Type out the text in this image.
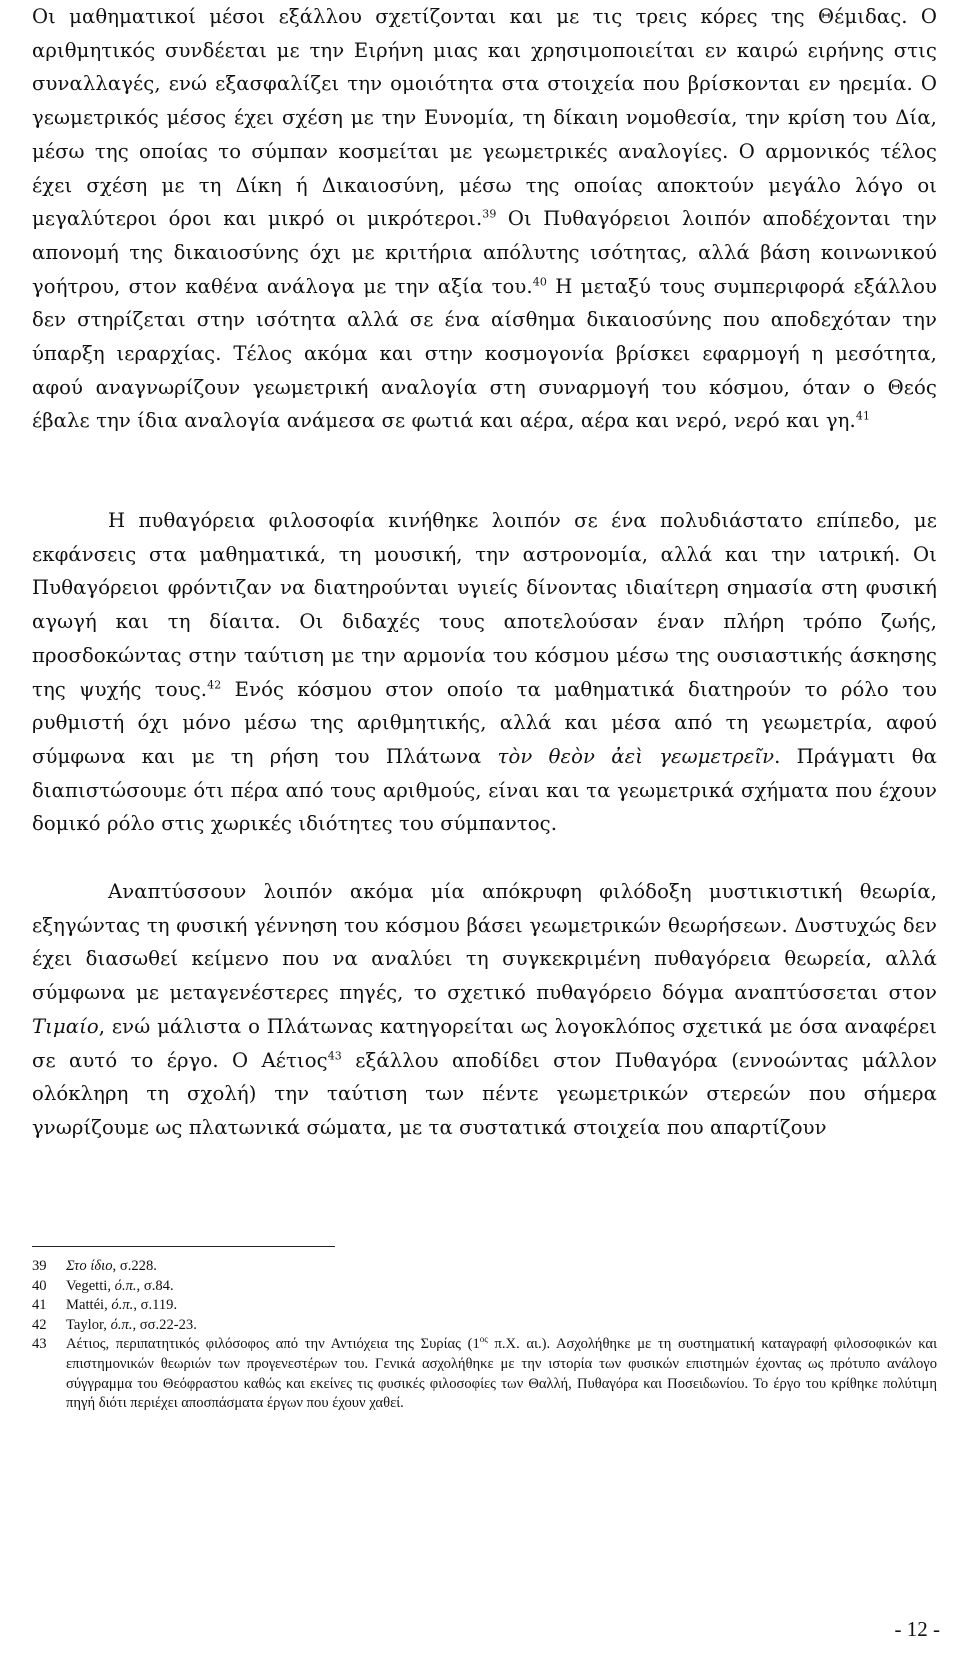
Οι μαθηματικοί μέσοι εξάλλου σχετίζονται και με τις τρεις κόρες της Θέμιδας. Ο αριθμητικός συνδέεται με την Ειρήνη μιας και χρησιμοποιείται εν καιρώ ειρήνης στις συναλλαγές, ενώ εξασφαλίζει την ομοιότητα στα στοιχεία που βρίσκονται εν ηρεμία. Ο γεωμετρικός μέσος έχει σχέση με την Ευνομία, τη δίκαιη νομοθεσία, την κρίση του Δία, μέσω της οποίας το σύμπαν κοσμείται με γεωμετρικές αναλογίες. Ο αρμονικός τέλος έχει σχέση με τη Δίκη ή Δικαιοσύνη, μέσω της οποίας αποκτούν μεγάλο λόγο οι μεγαλύτεροι όροι και μικρό οι μικρότεροι.$^{39}$ Οι Πυθαγόρειοι λοιπόν αποδέχονται την απονομή της δικαιοσύνης όχι με κριτήρια απόλυτης ισότητας, αλλά βάση κοινωνικού γοήτρου, στον καθένα ανάλογα με την αξία του.$^{40}$ Η μεταξύ τους συμπεριφορά εξάλλου δεν στηρίζεται στην ισότητα αλλά σε ένα αίσθημα δικαιοσύνης που αποδεχόταν την ύπαρξη ιεραρχίας. Τέλος ακόμα και στην κοσμογονία βρίσκει εφαρμογή η μεσότητα, αφού αναγνωρίζουν γεωμετρική αναλογία στη συναρμογή του κόσμου, όταν ο Θεός έβαλε την ίδια αναλογία ανάμεσα σε φωτιά και αέρα, αέρα και νερό, νερό και γη.$^{41}$

Η πυθαγόρεια φιλοσοφία κινήθηκε λοιπόν σε ένα πολυδιάστατο επίπεδο, με εκφάνσεις στα μαθηματικά, τη μουσική, την αστρονομία, αλλά και την ιατρική. Οι Πυθαγόρειοι φρόντιζαν να διατηρούνται υγιείς δίνοντας ιδιαίτερη σημασία στη φυσική αγωγή και τη δίαιτα. Οι διδαχές τους αποτελούσαν έναν πλήρη τρόπο ζωής, προσδοκώντας στην ταύτιση με την αρμονία του κόσμου μέσω της ουσιαστικής άσκησης της ψυχής τους.$^{42}$ Ενός κόσμου στον οποίο τα μαθηματικά διατηρούν το ρόλο του ρυθμιστή όχι μόνο μέσω της αριθμητικής, αλλά και μέσα από τη γεωμετρία, αφού σύμφωνα και με τη ρήση του Πλάτωνα τὸν θεὸν ἀεὶ γεωμετρεῖν. Πράγματι θα διαπιστώσουμε ότι πέρα από τους αριθμούς, είναι και τα γεωμετρικά σχήματα που έχουν δομικό ρόλο στις χωρικές ιδιότητες του σύμπαντος.

Αναπτύσσουν λοιπόν ακόμα μία απόκρυφη φιλόδοξη μυστικιστική θεωρία, εξηγώντας τη φυσική γέννηση του κόσμου βάσει γεωμετρικών θεωρήσεων. Δυστυχώς δεν έχει διασωθεί κείμενο που να αναλύει τη συγκεκριμένη πυθαγόρεια θεωρεία, αλλά σύμφωνα με μεταγενέστερες πηγές, το σχετικό πυθαγόρειο δόγμα αναπτύσσεται στον Τιμαίο, ενώ μάλιστα ο Πλάτωνας κατηγορείται ως λογοκλόπος σχετικά με όσα αναφέρει σε αυτό το έργο. Ο Αέτιος$^{43}$ εξάλλου αποδίδει στον Πυθαγόρα (εννοώντας μάλλον ολόκληρη τη σχολή) την ταύτιση των πέντε γεωμετρικών στερεών που σήμερα γνωρίζουμε ως πλατωνικά σώματα, με τα συστατικά στοιχεία που απαρτίζουν

39	Στο ίδιο, σ.228.
40	Vegetti, ό.π., σ.84.
41	Mattéi, ό.π., σ.119.
42	Taylor, ό.π., σσ.22-23.
43	Αέτιος, περιπατητικός φιλόσοφος από την Αντιόχεια της Συρίας ($1^{o\varsigma}$ π.Χ. αι.). Ασχολήθηκε με τη συστηματική καταγραφή φιλοσοφικών και επιστημονικών θεωριών των προγενεστέρων του. Γενικά ασχολήθηκε με την ιστορία των φυσικών επιστημών έχοντας ως πρότυπο ανάλογο σύγγραμμα του Θεόφραστου καθώς και εκείνες τις φυσικές φιλοσοφίες των Θαλλή, Πυθαγόρα και Ποσειδωνίου. Το έργο του κρίθηκε πολύτιμη πηγή διότι περιέχει αποσπάσματα έργων που έχουν χαθεί.
- 12 -
